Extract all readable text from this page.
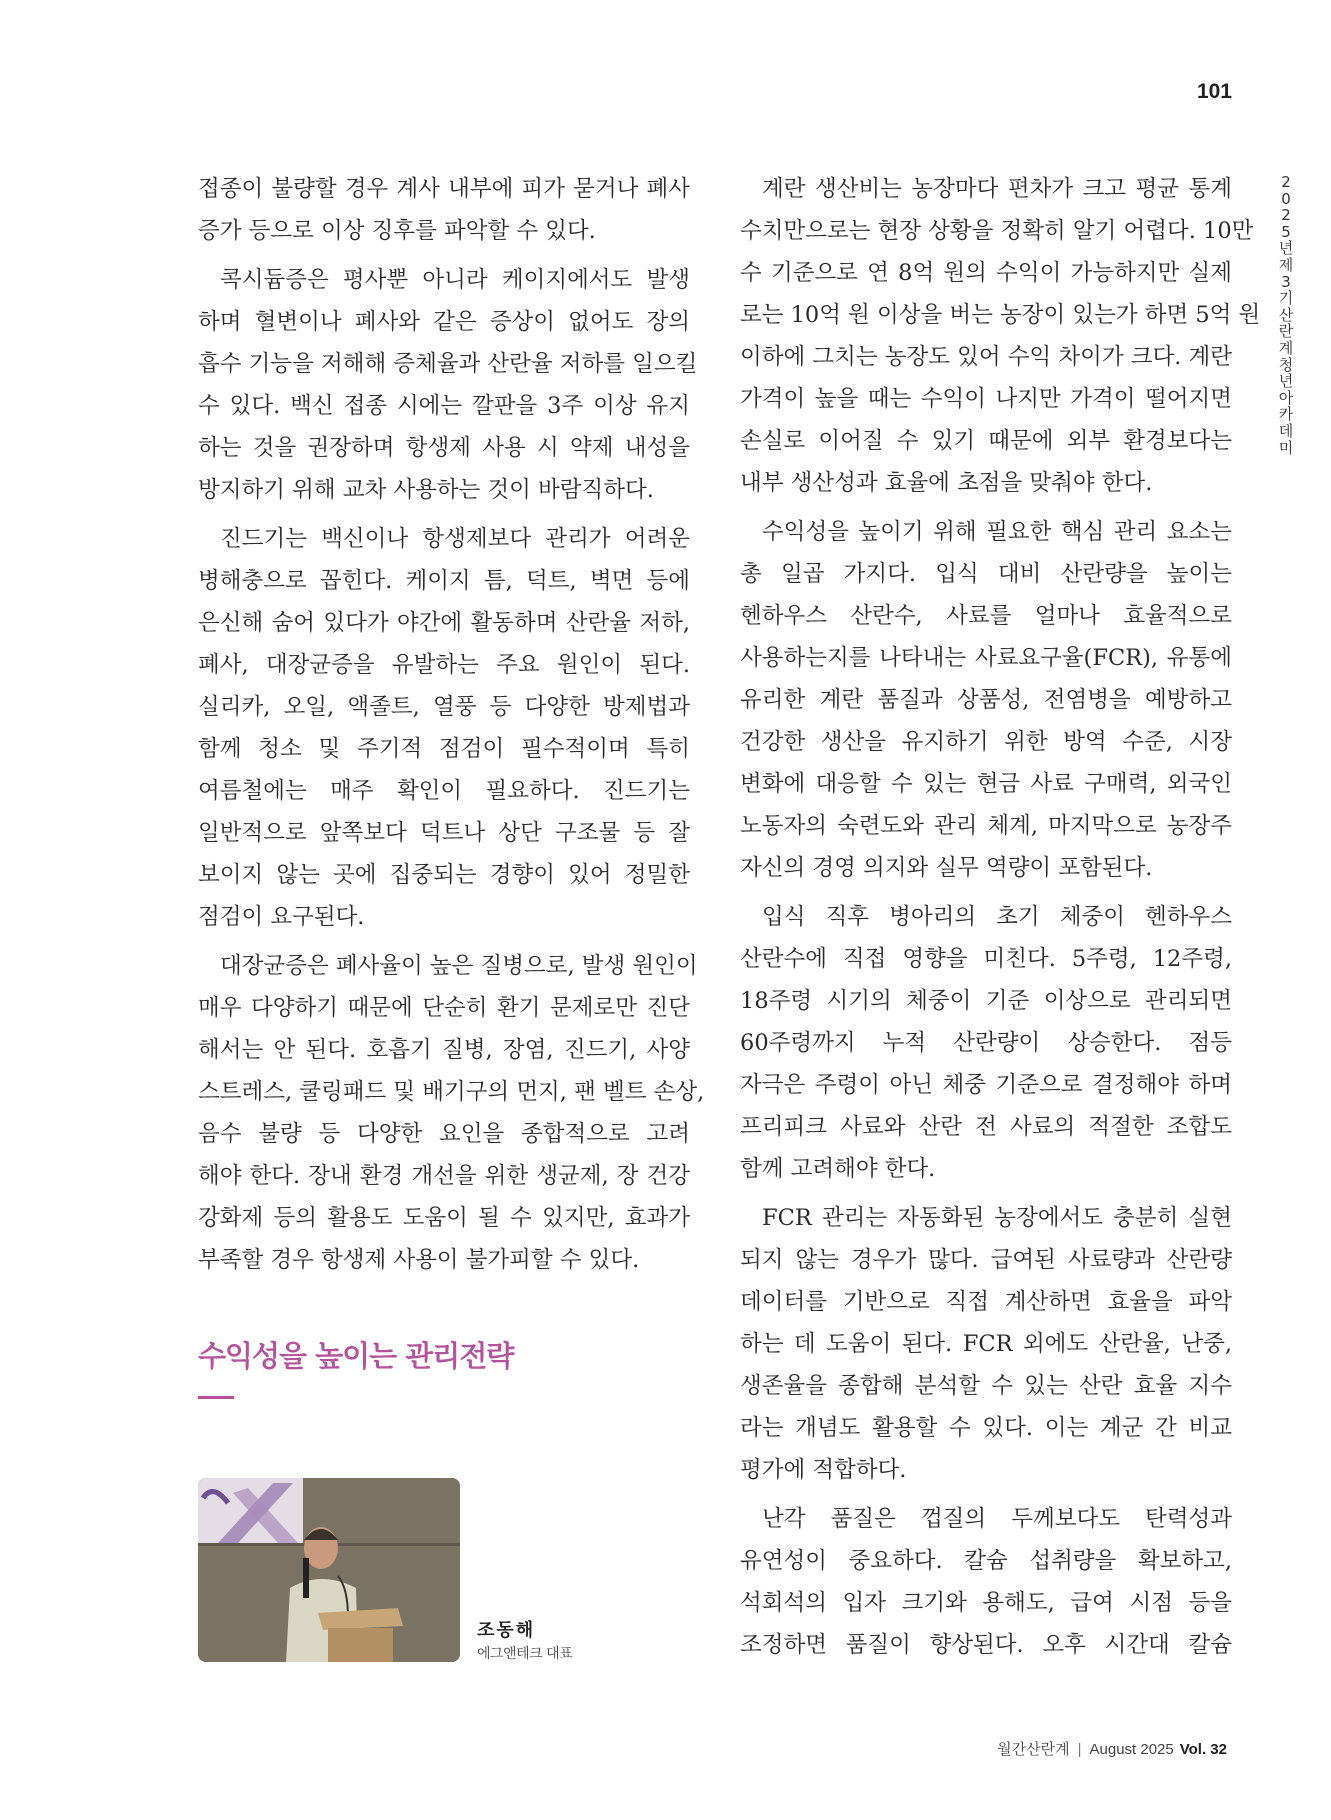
101
2
0
2
5
년
제
3
기
산
란
계
청
년
아
카
데
미
접종이 불량할 경우 계사 내부에 피가 묻거나 폐사
증가 등으로 이상 징후를 파악할 수 있다.
콕시듐증은 평사뿐 아니라 케이지에서도 발생
하며 혈변이나 폐사와 같은 증상이 없어도 장의
흡수 기능을 저해해 증체율과 산란율 저하를 일으킬
수 있다. 백신 접종 시에는 깔판을 3주 이상 유지
하는 것을 권장하며 항생제 사용 시 약제 내성을
방지하기 위해 교차 사용하는 것이 바람직하다.
진드기는 백신이나 항생제보다 관리가 어려운
병해충으로 꼽힌다. 케이지 틈, 덕트, 벽면 등에
은신해 숨어 있다가 야간에 활동하며 산란율 저하,
폐사, 대장균증을 유발하는 주요 원인이 된다.
실리카, 오일, 액졸트, 열풍 등 다양한 방제법과
함께 청소 및 주기적 점검이 필수적이며 특히
여름철에는 매주 확인이 필요하다. 진드기는
일반적으로 앞쪽보다 덕트나 상단 구조물 등 잘
보이지 않는 곳에 집중되는 경향이 있어 정밀한
점검이 요구된다.
대장균증은 폐사율이 높은 질병으로, 발생 원인이
매우 다양하기 때문에 단순히 환기 문제로만 진단
해서는 안 된다. 호흡기 질병, 장염, 진드기, 사양
스트레스, 쿨링패드 및 배기구의 먼지, 팬 벨트 손상,
음수 불량 등 다양한 요인을 종합적으로 고려
해야 한다. 장내 환경 개선을 위한 생균제, 장 건강
강화제 등의 활용도 도움이 될 수 있지만, 효과가
부족할 경우 항생제 사용이 불가피할 수 있다.
계란 생산비는 농장마다 편차가 크고 평균 통계
수치만으로는 현장 상황을 정확히 알기 어렵다. 10만
수 기준으로 연 8억 원의 수익이 가능하지만 실제
로는 10억 원 이상을 버는 농장이 있는가 하면 5억 원
이하에 그치는 농장도 있어 수익 차이가 크다. 계란
가격이 높을 때는 수익이 나지만 가격이 떨어지면
손실로 이어질 수 있기 때문에 외부 환경보다는
내부 생산성과 효율에 초점을 맞춰야 한다.
수익성을 높이기 위해 필요한 핵심 관리 요소는
총 일곱 가지다. 입식 대비 산란량을 높이는
헨하우스 산란수, 사료를 얼마나 효율적으로
사용하는지를 나타내는 사료요구율(FCR), 유통에
유리한 계란 품질과 상품성, 전염병을 예방하고
건강한 생산을 유지하기 위한 방역 수준, 시장
변화에 대응할 수 있는 현금 사료 구매력, 외국인
노동자의 숙련도와 관리 체계, 마지막으로 농장주
자신의 경영 의지와 실무 역량이 포함된다.
입식 직후 병아리의 초기 체중이 헨하우스
산란수에 직접 영향을 미친다. 5주령, 12주령,
18주령 시기의 체중이 기준 이상으로 관리되면
60주령까지 누적 산란량이 상승한다. 점등
자극은 주령이 아닌 체중 기준으로 결정해야 하며
프리피크 사료와 산란 전 사료의 적절한 조합도
함께 고려해야 한다.
FCR 관리는 자동화된 농장에서도 충분히 실현
되지 않는 경우가 많다. 급여된 사료량과 산란량
데이터를 기반으로 직접 계산하면 효율을 파악
하는 데 도움이 된다. FCR 외에도 산란율, 난중,
생존율을 종합해 분석할 수 있는 산란 효율 지수
라는 개념도 활용할 수 있다. 이는 계군 간 비교
평가에 적합하다.
난각 품질은 껍질의 두께보다도 탄력성과
유연성이 중요하다. 칼슘 섭취량을 확보하고,
석회석의 입자 크기와 용해도, 급여 시점 등을
조정하면 품질이 향상된다. 오후 시간대 칼슘
수익성을 높이는 관리전략
조동해
에그앤테크 대표
월간산란계 | August 2025 Vol. 32
